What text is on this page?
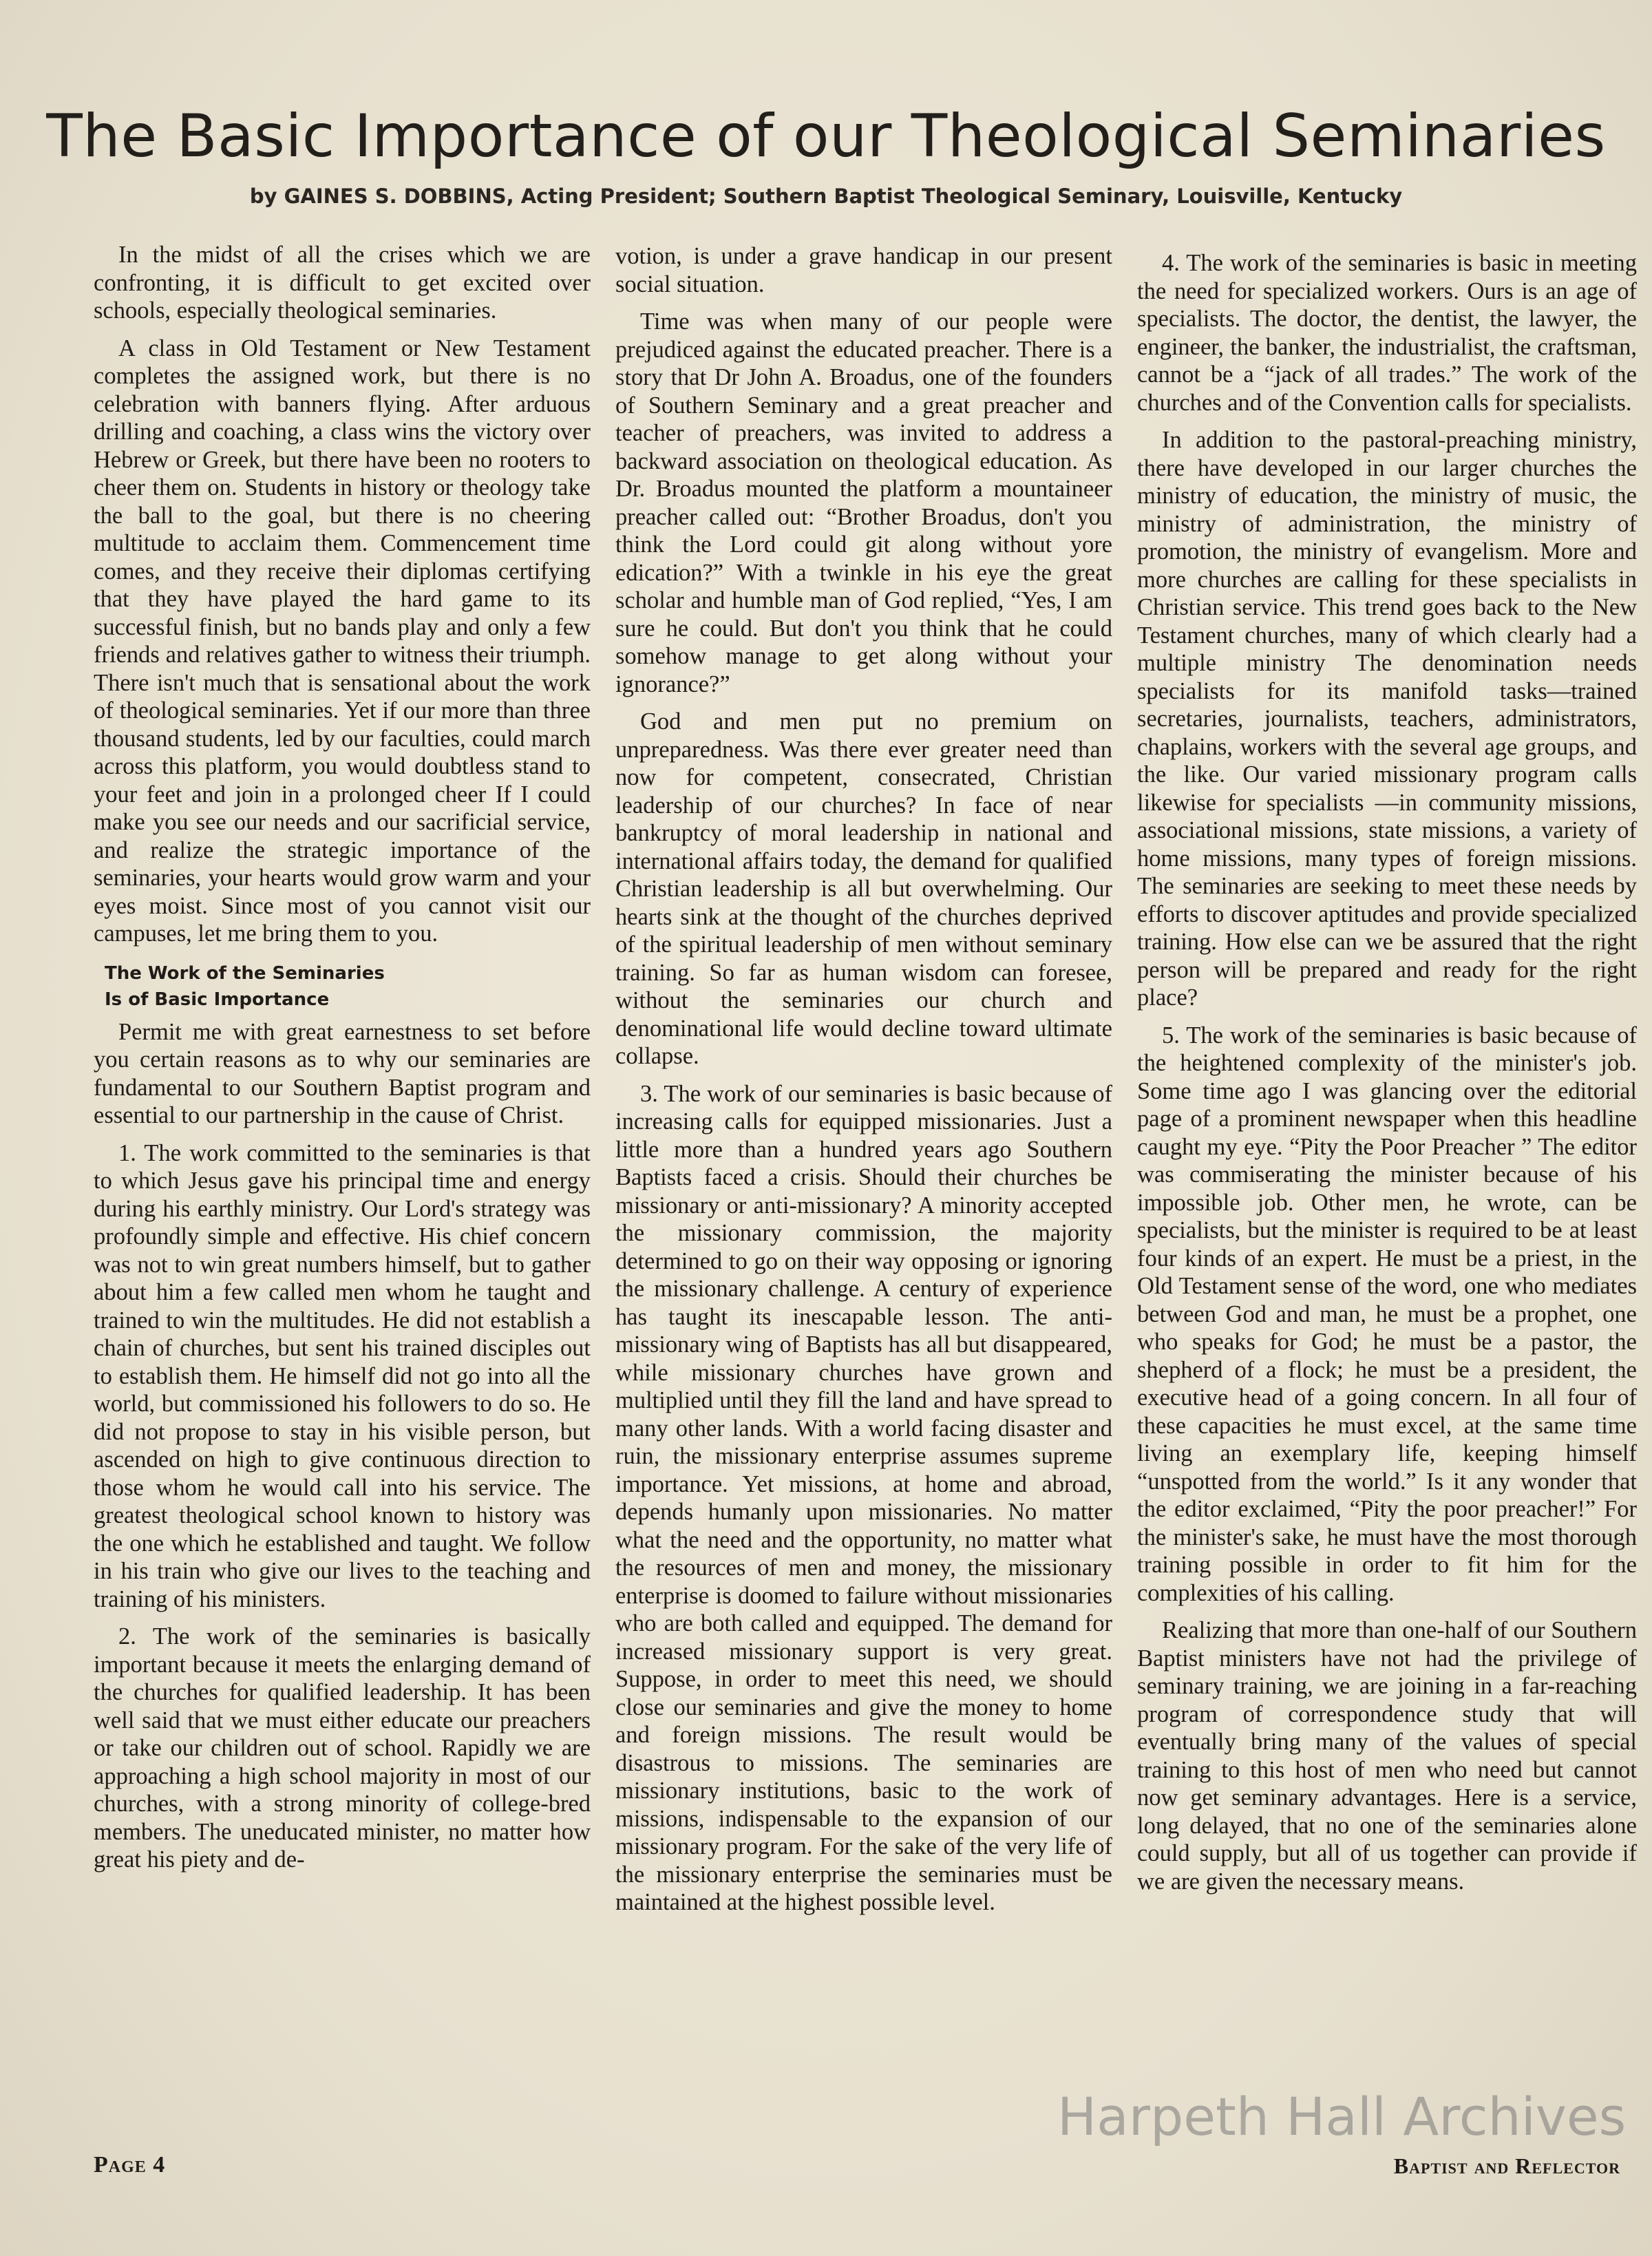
The Basic Importance of our Theological Seminaries
by GAINES S. DOBBINS, Acting President; Southern Baptist Theological Seminary, Louisville, Kentucky

In the midst of all the crises which we are confronting, it is difficult to get excited over schools, especially theological seminaries.

A class in Old Testament or New Testament completes the assigned work, but there is no celebration with banners flying. After arduous drilling and coaching, a class wins the victory over Hebrew or Greek, but there have been no rooters to cheer them on. Students in history or theology take the ball to the goal, but there is no cheering multitude to acclaim them. Commencement time comes, and they receive their diplomas certifying that they have played the hard game to its successful finish, but no bands play and only a few friends and relatives gather to witness their triumph. There isn't much that is sensational about the work of theological seminaries. Yet if our more than three thousand students, led by our faculties, could march across this platform, you would doubtless stand to your feet and join in a prolonged cheer If I could make you see our needs and our sacrificial service, and realize the strategic importance of the seminaries, your hearts would grow warm and your eyes moist. Since most of you cannot visit our campuses, let me bring them to you.

The Work of the Seminaries
Is of Basic Importance

Permit me with great earnestness to set before you certain reasons as to why our seminaries are fundamental to our Southern Baptist program and essential to our partnership in the cause of Christ.

1. The work committed to the seminaries is that to which Jesus gave his principal time and energy during his earthly ministry. Our Lord's strategy was profoundly simple and effective. His chief concern was not to win great numbers himself, but to gather about him a few called men whom he taught and trained to win the multitudes. He did not establish a chain of churches, but sent his trained disciples out to establish them. He himself did not go into all the world, but commissioned his followers to do so. He did not propose to stay in his visible person, but ascended on high to give continuous direction to those whom he would call into his service. The greatest theological school known to history was the one which he established and taught. We follow in his train who give our lives to the teaching and training of his ministers.

2. The work of the seminaries is basically important because it meets the enlarging demand of the churches for qualified leadership. It has been well said that we must either educate our preachers or take our children out of school. Rapidly we are approaching a high school majority in most of our churches, with a strong minority of college-bred members. The uneducated minister, no matter how great his piety and de-

votion, is under a grave handicap in our present social situation.

Time was when many of our people were prejudiced against the educated preacher. There is a story that Dr John A. Broadus, one of the founders of Southern Seminary and a great preacher and teacher of preachers, was invited to address a backward association on theological education. As Dr. Broadus mounted the platform a mountaineer preacher called out: “Brother Broadus, don't you think the Lord could git along without yore edication?” With a twinkle in his eye the great scholar and humble man of God replied, “Yes, I am sure he could. But don't you think that he could somehow manage to get along without your ignorance?”

God and men put no premium on unpreparedness. Was there ever greater need than now for competent, consecrated, Christian leadership of our churches? In face of near bankruptcy of moral leadership in national and international affairs today, the demand for qualified Christian leadership is all but overwhelming. Our hearts sink at the thought of the churches deprived of the spiritual leadership of men without seminary training. So far as human wisdom can foresee, without the seminaries our church and denominational life would decline toward ultimate collapse.

3. The work of our seminaries is basic because of increasing calls for equipped missionaries. Just a little more than a hundred years ago Southern Baptists faced a crisis. Should their churches be missionary or anti-missionary? A minority accepted the missionary commission, the majority determined to go on their way opposing or ignoring the missionary challenge. A century of experience has taught its inescapable lesson. The anti-missionary wing of Baptists has all but disappeared, while missionary churches have grown and multiplied until they fill the land and have spread to many other lands. With a world facing disaster and ruin, the missionary enterprise assumes supreme importance. Yet missions, at home and abroad, depends humanly upon missionaries. No matter what the need and the opportunity, no matter what the resources of men and money, the missionary enterprise is doomed to failure without missionaries who are both called and equipped. The demand for increased missionary support is very great. Suppose, in order to meet this need, we should close our seminaries and give the money to home and foreign missions. The result would be disastrous to missions. The seminaries are missionary institutions, basic to the work of missions, indispensable to the expansion of our missionary program. For the sake of the very life of the missionary enterprise the seminaries must be maintained at the highest possible level.

4. The work of the seminaries is basic in meeting the need for specialized workers. Ours is an age of specialists. The doctor, the dentist, the lawyer, the engineer, the banker, the industrialist, the craftsman, cannot be a “jack of all trades.” The work of the churches and of the Convention calls for specialists.

In addition to the pastoral-preaching ministry, there have developed in our larger churches the ministry of education, the ministry of music, the ministry of administration, the ministry of promotion, the ministry of evangelism. More and more churches are calling for these specialists in Christian service. This trend goes back to the New Testament churches, many of which clearly had a multiple ministry The denomination needs specialists for its manifold tasks—trained secretaries, journalists, teachers, administrators, chaplains, workers with the several age groups, and the like. Our varied missionary program calls likewise for specialists —in community missions, associational missions, state missions, a variety of home missions, many types of foreign missions. The seminaries are seeking to meet these needs by efforts to discover aptitudes and provide specialized training. How else can we be assured that the right person will be prepared and ready for the right place?

5. The work of the seminaries is basic because of the heightened complexity of the minister's job. Some time ago I was glancing over the editorial page of a prominent newspaper when this headline caught my eye. “Pity the Poor Preacher ” The editor was commiserating the minister because of his impossible job. Other men, he wrote, can be specialists, but the minister is required to be at least four kinds of an expert. He must be a priest, in the Old Testament sense of the word, one who mediates between God and man, he must be a prophet, one who speaks for God; he must be a pastor, the shepherd of a flock; he must be a president, the executive head of a going concern. In all four of these capacities he must excel, at the same time living an exemplary life, keeping himself “unspotted from the world.” Is it any wonder that the editor exclaimed, “Pity the poor preacher!” For the minister's sake, he must have the most thorough training possible in order to fit him for the complexities of his calling.

Realizing that more than one-half of our Southern Baptist ministers have not had the privilege of seminary training, we are joining in a far-reaching program of correspondence study that will eventually bring many of the values of special training to this host of men who need but cannot now get seminary advantages. Here is a service, long delayed, that no one of the seminaries alone could supply, but all of us together can provide if we are given the necessary means.

Harpeth Hall Archives
Page 4	Baptist and Reflector
